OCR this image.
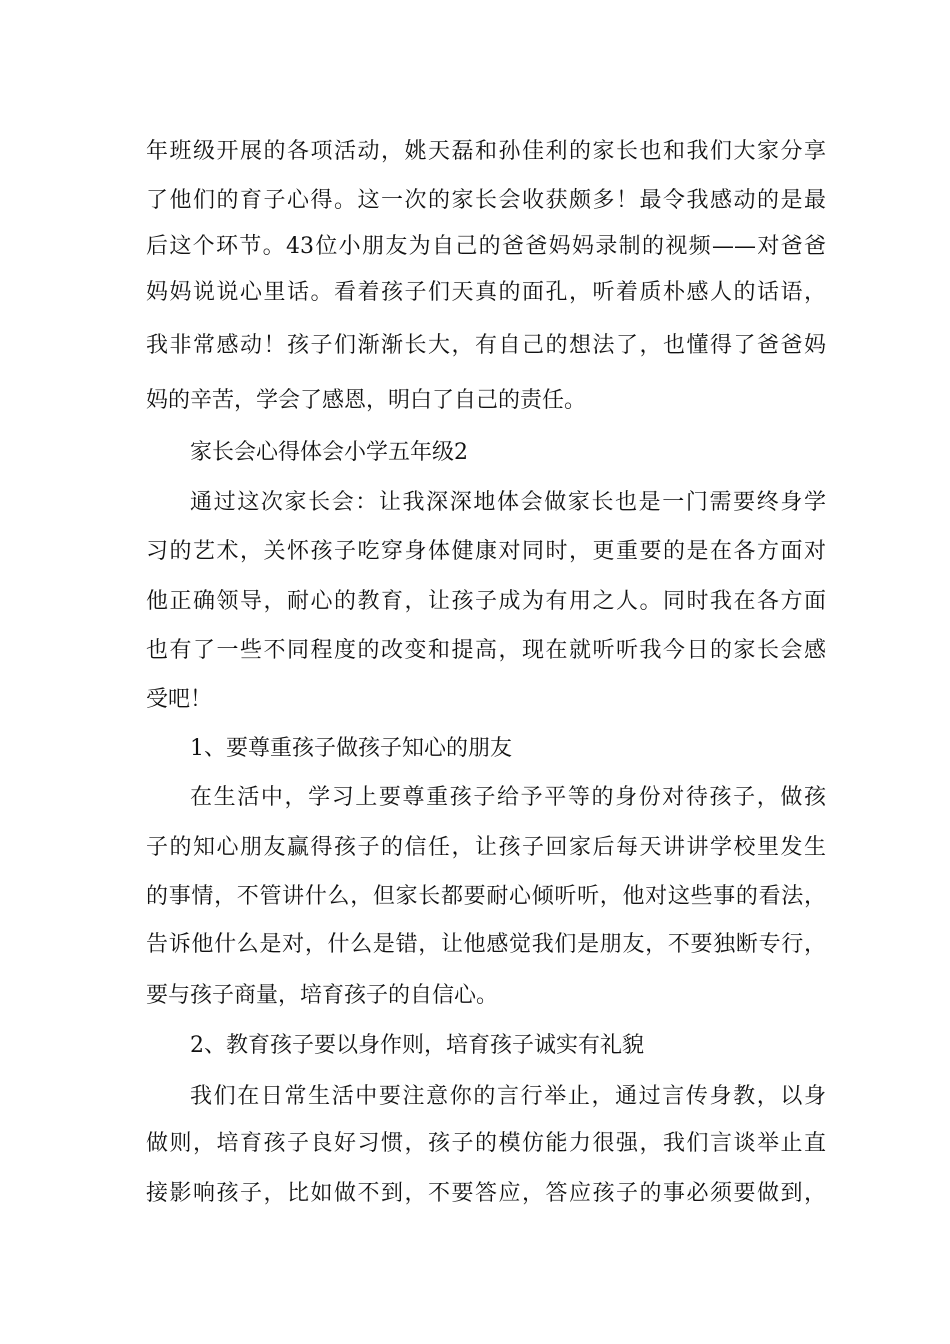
年班级开展的各项活动，姚天磊和孙佳利的家长也和我们大家分享
了他们的育子心得。这一次的家长会收获颇多！最令我感动的是最
后这个环节。43位小朋友为自己的爸爸妈妈录制的视频——对爸爸
妈妈说说心里话。看着孩子们天真的面孔，听着质朴感人的话语，
我非常感动！孩子们渐渐长大，有自己的想法了，也懂得了爸爸妈
妈的辛苦，学会了感恩，明白了自己的责任。
家长会心得体会小学五年级2
通过这次家长会：让我深深地体会做家长也是一门需要终身学
习的艺术，关怀孩子吃穿身体健康对同时，更重要的是在各方面对
他正确领导，耐心的教育，让孩子成为有用之人。同时我在各方面
也有了一些不同程度的改变和提高，现在就听听我今日的家长会感
受吧！
1、要尊重孩子做孩子知心的朋友
在生活中，学习上要尊重孩子给予平等的身份对待孩子，做孩
子的知心朋友赢得孩子的信任，让孩子回家后每天讲讲学校里发生
的事情，不管讲什么，但家长都要耐心倾听听，他对这些事的看法，
告诉他什么是对，什么是错，让他感觉我们是朋友，不要独断专行，
要与孩子商量，培育孩子的自信心。
2、教育孩子要以身作则，培育孩子诚实有礼貌
我们在日常生活中要注意你的言行举止，通过言传身教，以身
做则，培育孩子良好习惯，孩子的模仿能力很强，我们言谈举止直
接影响孩子，比如做不到，不要答应，答应孩子的事必须要做到，
